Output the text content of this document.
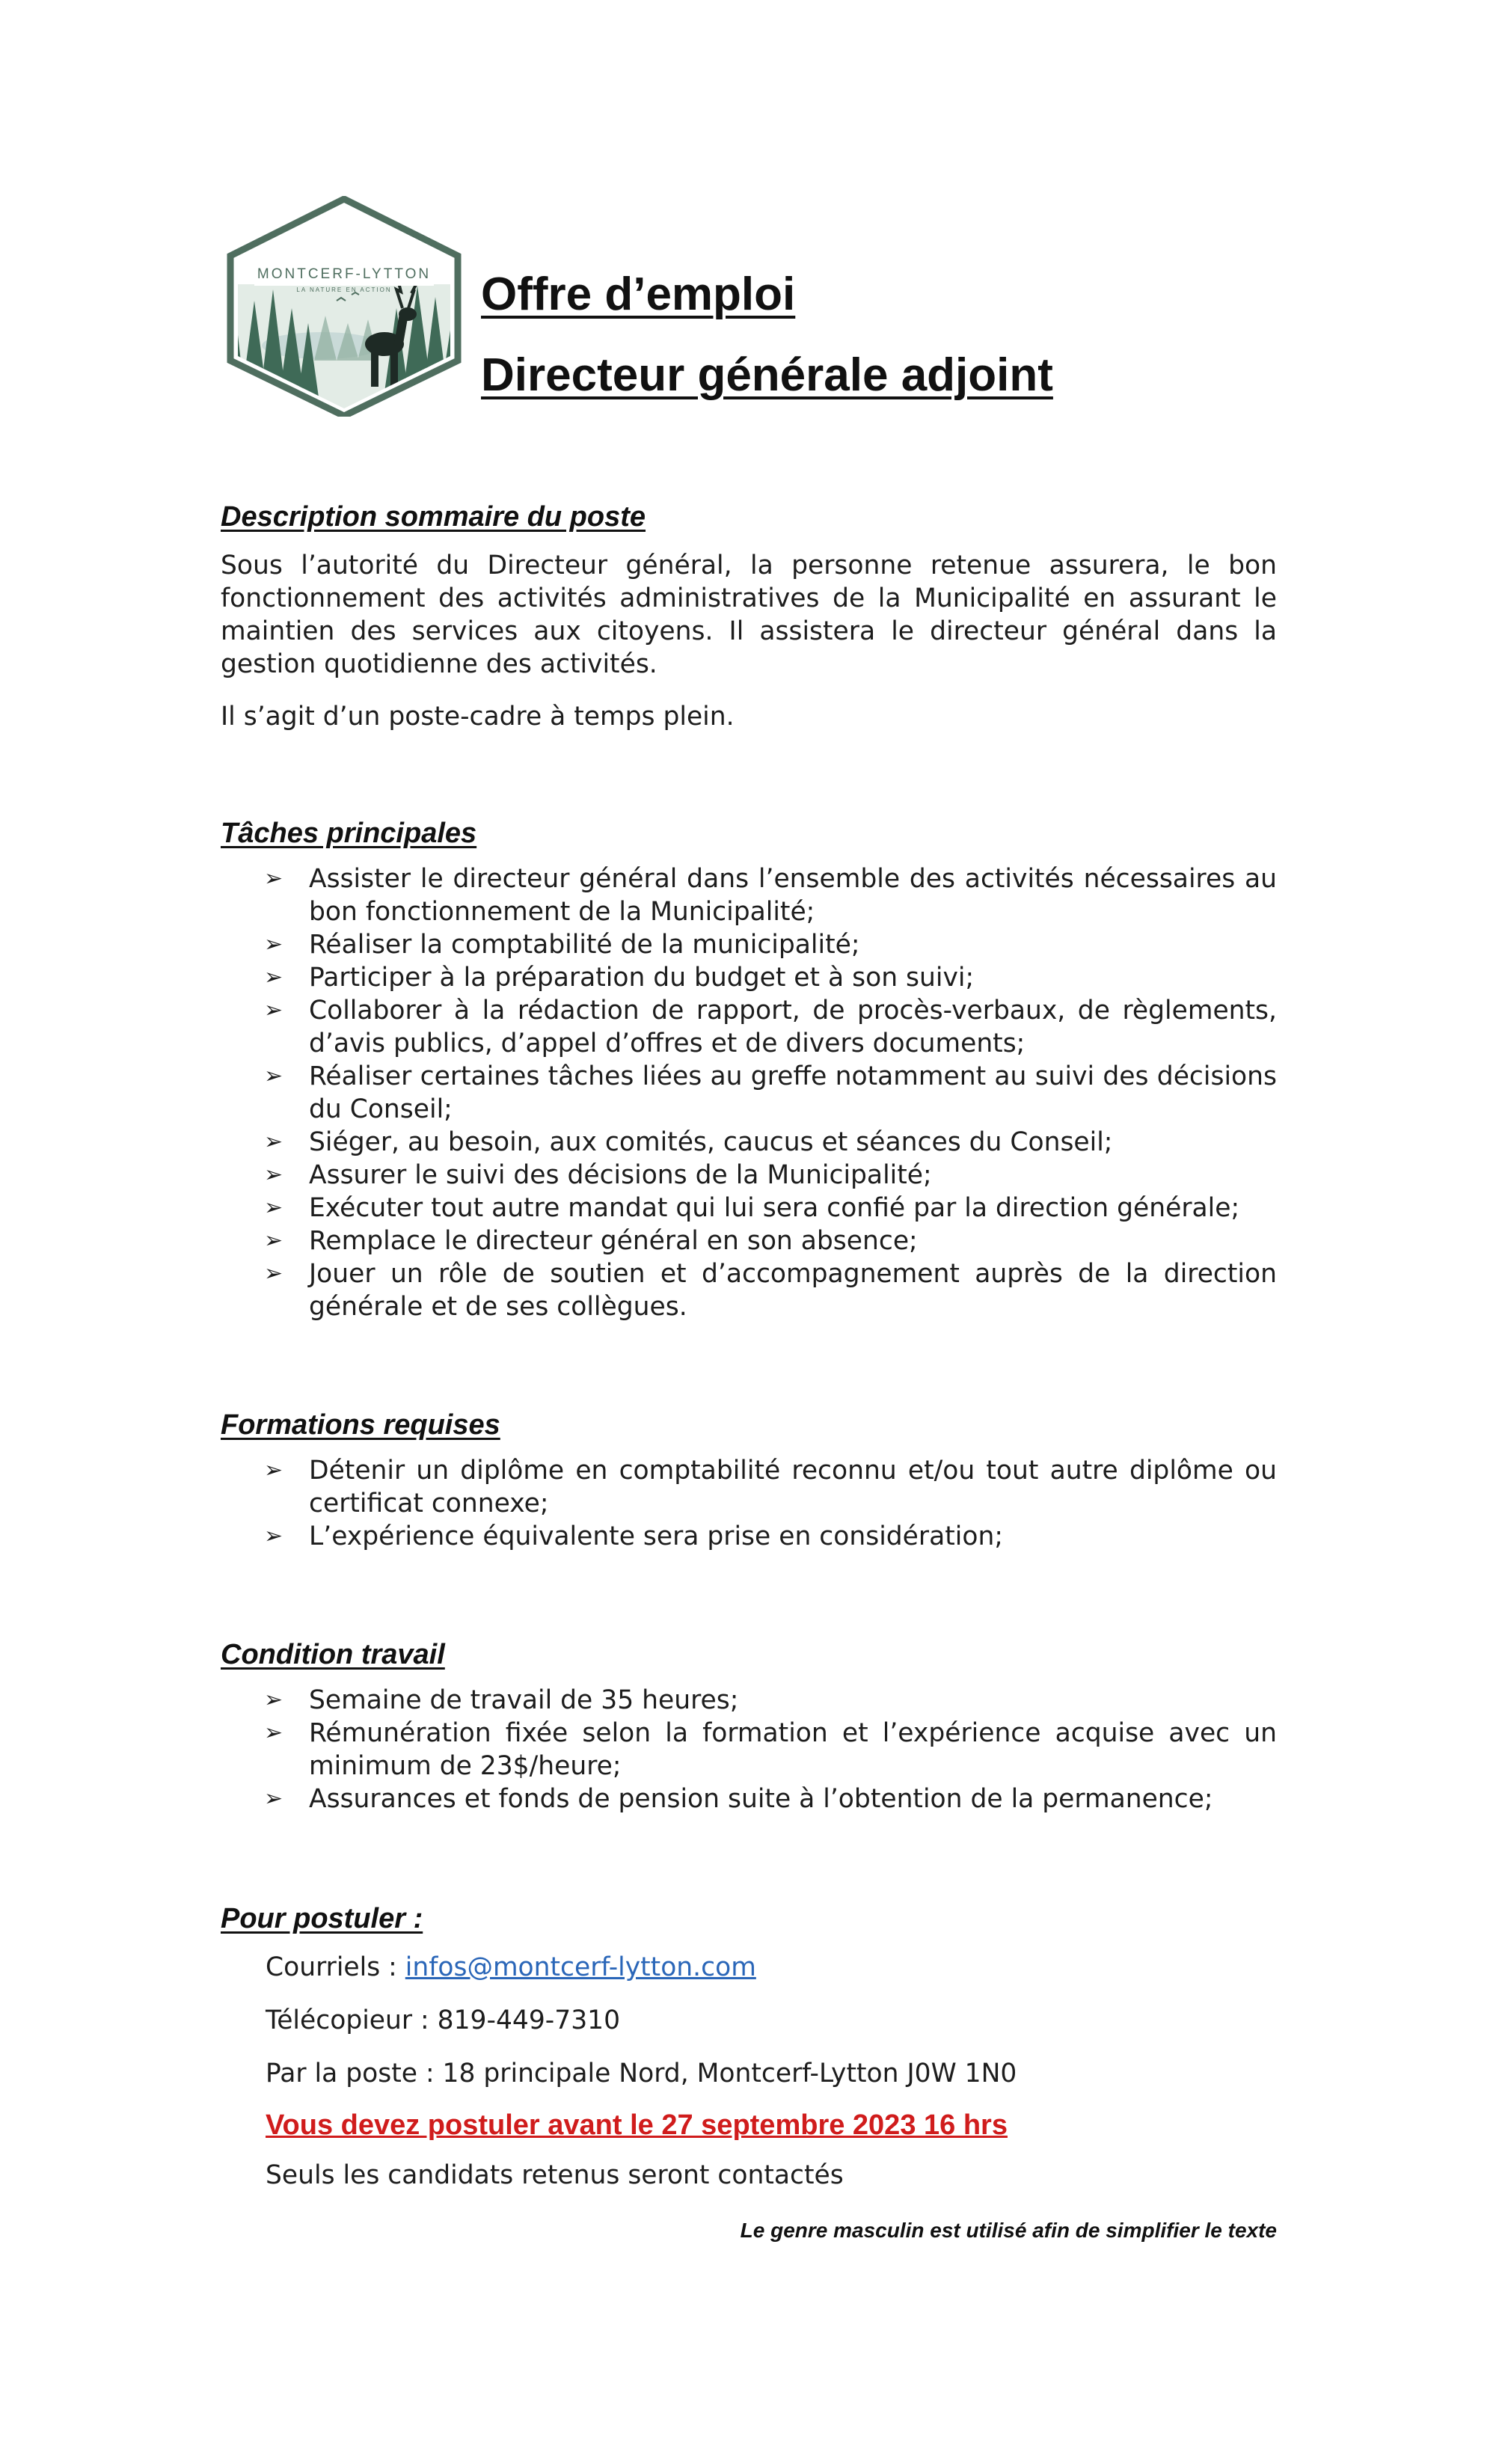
MONTCERF-LYTTON
LA NATURE EN ACTION Offre d’emploi
Directeur générale adjoint
Description sommaire du poste

Sous l’autorité du Directeur général, la personne retenue assurera, le bon fonctionnement des activités administratives de la Municipalité en assurant le maintien des services aux citoyens. Il assistera le directeur général dans la gestion quotidienne des activités.

Il s’agit d’un poste-cadre à temps plein.

Tâches principales
➢ Assister le directeur général dans l’ensemble des activités nécessaires au bon fonctionnement de la Municipalité;
➢ Réaliser la comptabilité de la municipalité;
➢ Participer à la préparation du budget et à son suivi;
➢ Collaborer à la rédaction de rapport, de procès-verbaux, de règlements, d’avis publics, d’appel d’offres et de divers documents;
➢ Réaliser certaines tâches liées au greffe notamment au suivi des décisions du Conseil;
➢ Siéger, au besoin, aux comités, caucus et séances du Conseil;
➢ Assurer le suivi des décisions de la Municipalité;
➢ Exécuter tout autre mandat qui lui sera confié par la direction générale;
➢ Remplace le directeur général en son absence;
➢ Jouer un rôle de soutien et d’accompagnement auprès de la direction générale et de ses collègues.
Formations requises
➢ Détenir un diplôme en comptabilité reconnu et/ou tout autre diplôme ou certificat connexe;
➢ L’expérience équivalente sera prise en considération;
Condition travail
➢ Semaine de travail de 35 heures;
➢ Rémunération fixée selon la formation et l’expérience acquise avec un minimum de 23$/heure;
➢ Assurances et fonds de pension suite à l’obtention de la permanence;
Pour postuler :
Courriels : infos@montcerf-lytton.com
Télécopieur : 819-449-7310
Par la poste : 18 principale Nord, Montcerf-Lytton J0W 1N0
Vous devez postuler avant le 27 septembre 2023 16 hrs
Seuls les candidats retenus seront contactés
Le genre masculin est utilisé afin de simplifier le texte
